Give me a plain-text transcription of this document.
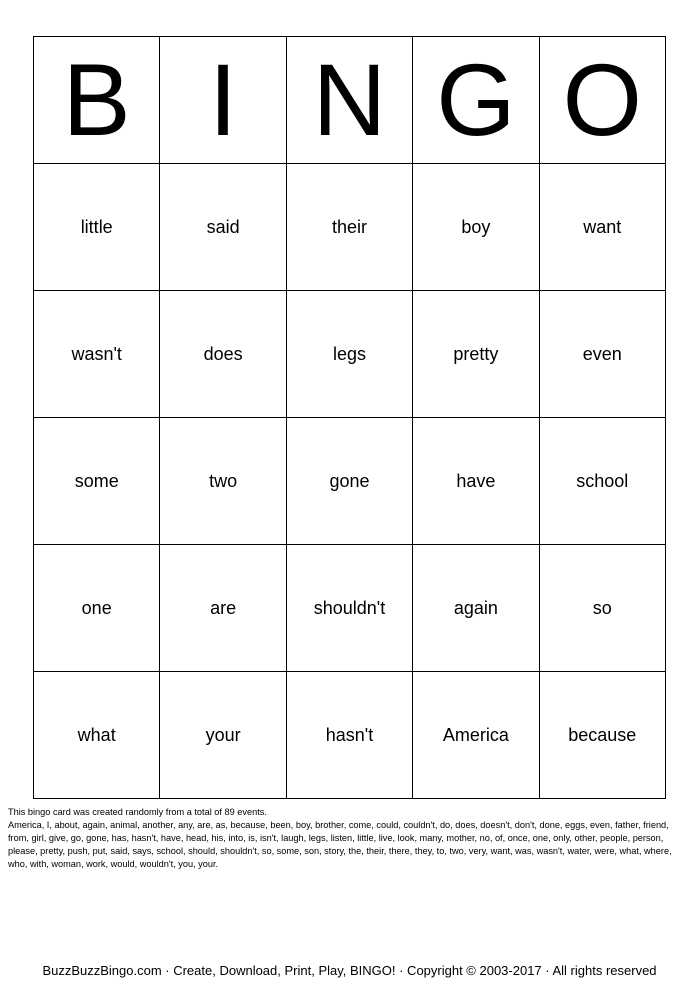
B	I	N	G	O
little	said	their	boy	want
wasn't	does	legs	pretty	even
some	two	gone	have	school
one	are	shouldn't	again	so
what	your	hasn't	America	because
This bingo card was created randomly from a total of 89 events.
America, I, about, again, animal, another, any, are, as, because, been, boy, brother, come, could, couldn't, do, does, doesn't, don't, done, eggs, even, father, friend, from, girl, give, go, gone, has, hasn't, have, head, his, into, is, isn't, laugh, legs, listen, little, live, look, many, mother, no, of, once, one, only, other, people, person, please, pretty, push, put, said, says, school, should, shouldn't, so, some, son, story, the, their, there, they, to, two, very, want, was, wasn't, water, were, what, where, who, with, woman, work, would, wouldn't, you, your.
BuzzBuzzBingo.com · Create, Download, Print, Play, BINGO! · Copyright © 2003-2017 · All rights reserved
